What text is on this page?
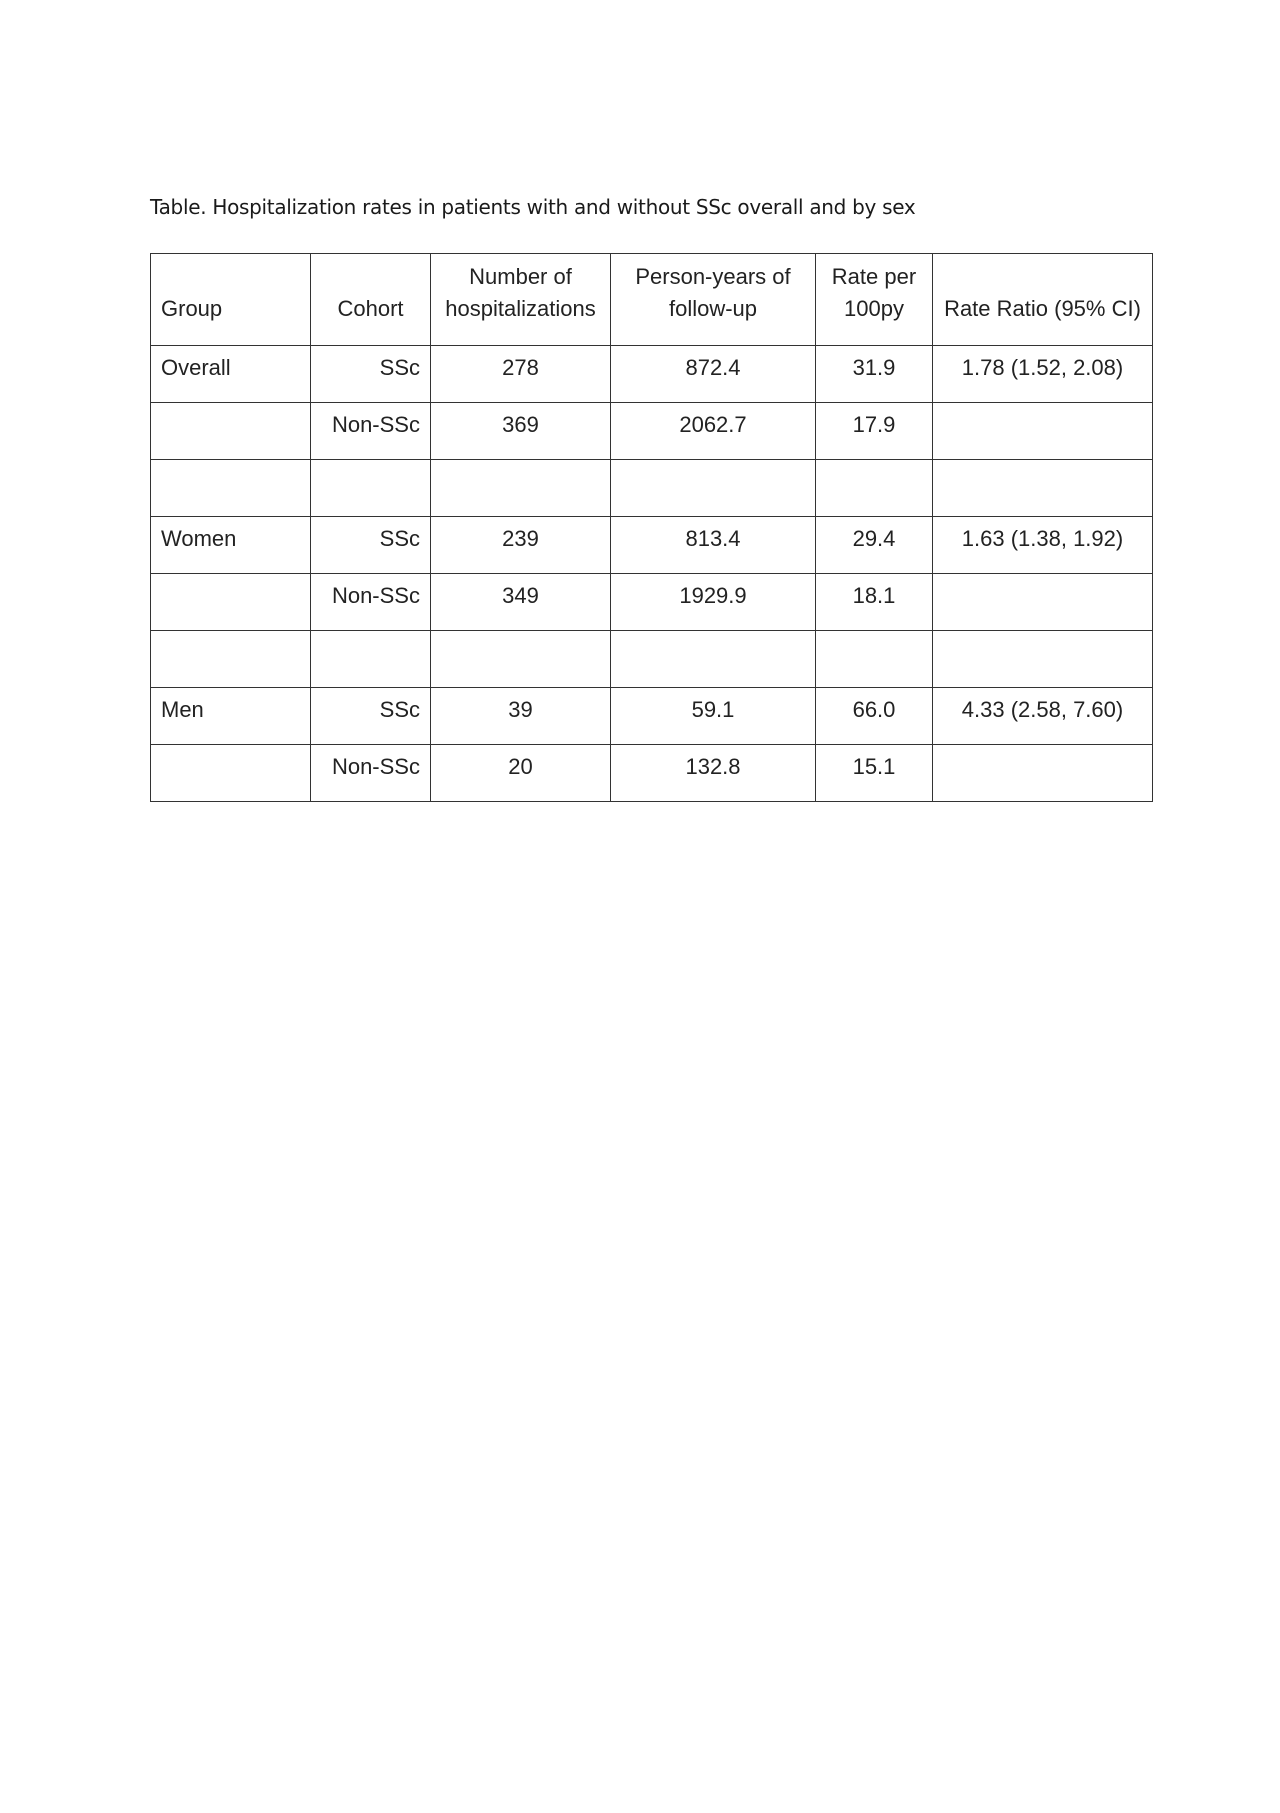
Table. Hospitalization rates in patients with and without SSc overall and by sex
Group	Cohort	Number of hospitalizations	Person-years of follow-up	Rate per 100py	Rate Ratio (95% CI)
Overall	SSc	278	872.4	31.9	1.78 (1.52, 2.08)
	Non-SSc	369	2062.7	17.9	

Women	SSc	239	813.4	29.4	1.63 (1.38, 1.92)
	Non-SSc	349	1929.9	18.1	

Men	SSc	39	59.1	66.0	4.33 (2.58, 7.60)
	Non-SSc	20	132.8	15.1	
